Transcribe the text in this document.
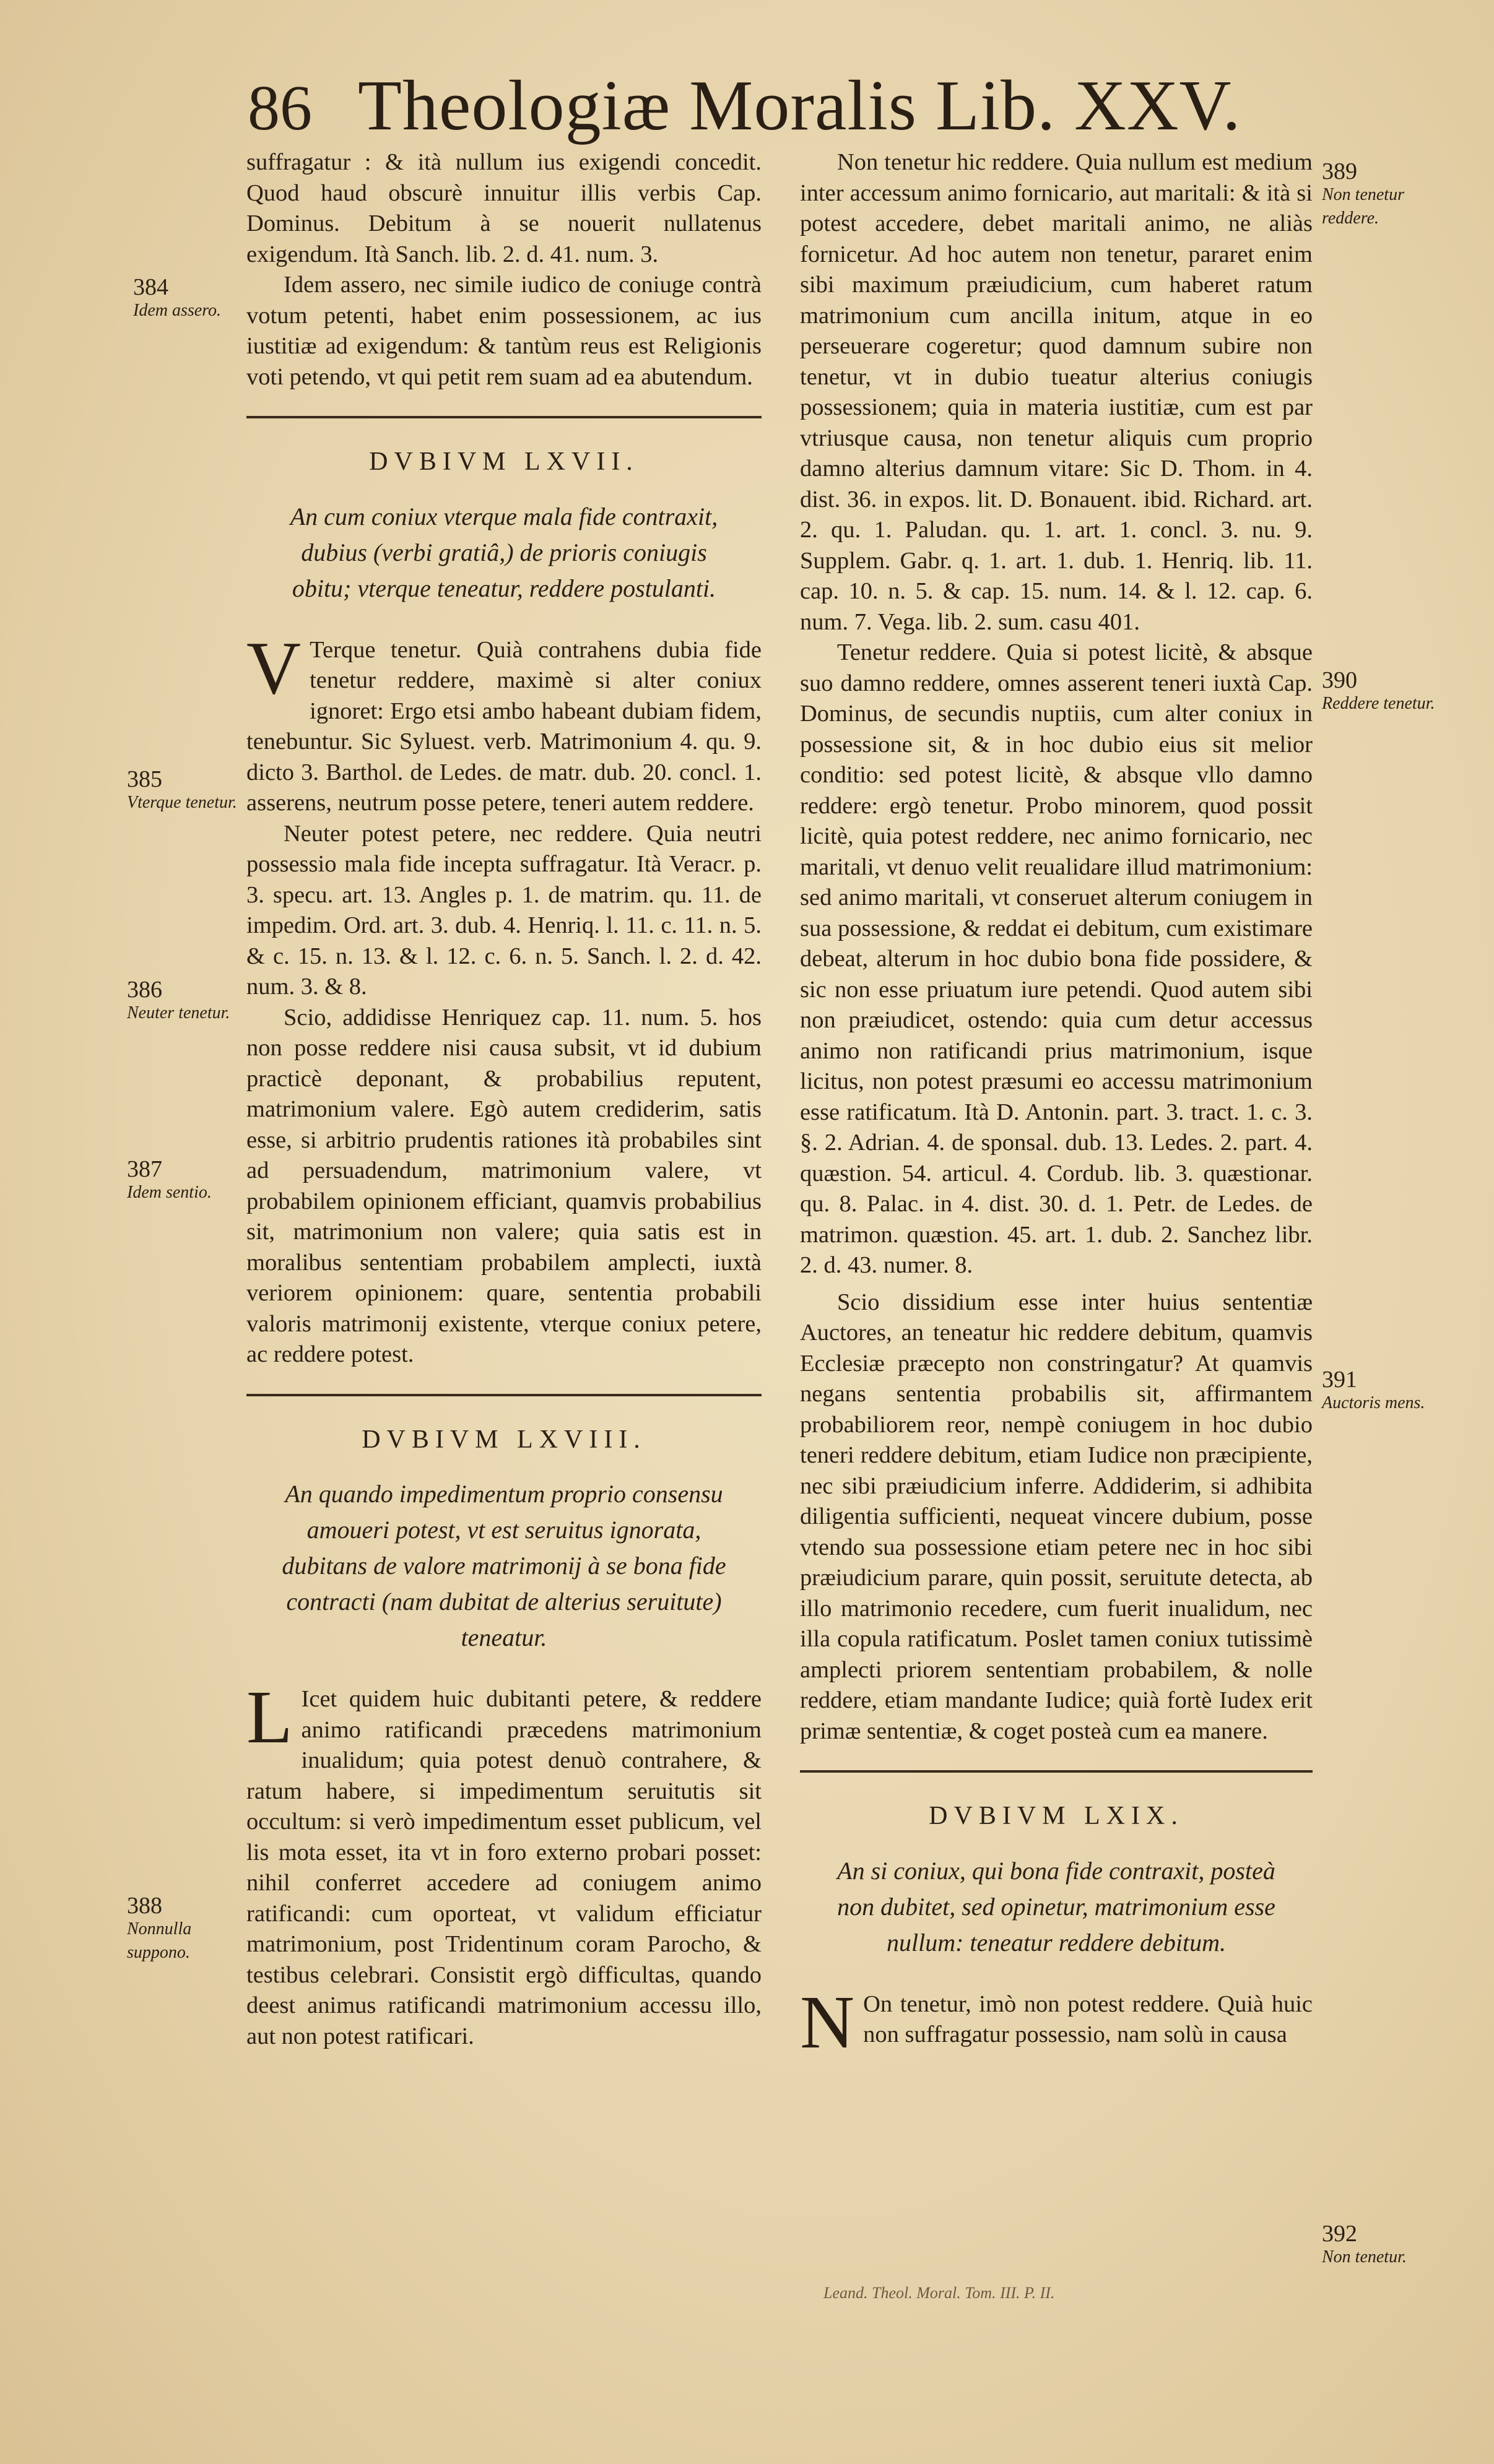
86 Theologiæ Moralis Lib. XXV.

suffragatur : & ità nullum ius exigendi concedit. Quod haud obscurè innuitur illis verbis Cap. Dominus. Debitum à se nouerit nullatenus exigendum. Ità Sanch. lib. 2. d. 41. num. 3.

Idem assero, nec simile iudico de coniuge contrà votum petenti, habet enim possessionem, ac ius iustitiæ ad exigendum: & tantùm reus est Religionis voti petendo, vt qui petit rem suam ad ea abutendum.

DVBIVM LXVII.
An cum coniux vterque mala fide contraxit, dubius (verbi gratiâ,) de prioris coniugis obitu; vterque teneatur, reddere postulanti.

V Terque tenetur. Quià contrahens dubia fide tenetur reddere, maximè si alter coniux ignoret: Ergo etsi ambo habeant dubiam fidem, tenebuntur. Sic Syluest. verb. Matrimonium 4. qu. 9. dicto 3. Barthol. de Ledes. de matr. dub. 20. concl. 1. asserens, neutrum posse petere, teneri autem reddere.

Neuter potest petere, nec reddere. Quia neutri possessio mala fide incepta suffragatur. Ità Veracr. p. 3. specu. art. 13. Angles p. 1. de matrim. qu. 11. de impedim. Ord. art. 3. dub. 4. Henriq. l. 11. c. 11. n. 5. & c. 15. n. 13. & l. 12. c. 6. n. 5. Sanch. l. 2. d. 42. num. 3. & 8.

Scio, addidisse Henriquez cap. 11. num. 5. hos non posse reddere nisi causa subsit, vt id dubium practicè deponant, & probabilius reputent, matrimonium valere. Egò autem crediderim, satis esse, si arbitrio prudentis rationes ità probabiles sint ad persuadendum, matrimonium valere, vt probabilem opinionem efficiant, quamvis probabilius sit, matrimonium non valere; quia satis est in moralibus sententiam probabilem amplecti, iuxtà veriorem opinionem: quare, sententia probabili valoris matrimonij existente, vterque coniux petere, ac reddere potest.

DVBIVM LXVIII.
An quando impedimentum proprio consensu amoueri potest, vt est seruitus ignorata, dubitans de valore matrimonij à se bona fide contracti (nam dubitat de alterius seruitute) teneatur.

L Icet quidem huic dubitanti petere, & reddere animo ratificandi præcedens matrimonium inualidum; quia potest denuò contrahere, & ratum habere, si impedimentum seruitutis sit occultum: si verò impedimentum esset publicum, vel lis mota esset, ita vt in foro externo probari posset: nihil conferret accedere ad coniugem animo ratificandi: cum oporteat, vt validum efficiatur matrimonium, post Tridentinum coram Parocho, & testibus celebrari. Consistit ergò difficultas, quando deest animus ratificandi matrimonium accessu illo, aut non potest ratificari.

Non tenetur hic reddere. Quia nullum est medium inter accessum animo fornicario, aut maritali: & ità si potest accedere, debet maritali animo, ne aliàs fornicetur. Ad hoc autem non tenetur, pararet enim sibi maximum præiudicium, cum haberet ratum matrimonium cum ancilla initum, atque in eo perseuerare cogeretur; quod damnum subire non tenetur, vt in dubio tueatur alterius coniugis possessionem; quia in materia iustitiæ, cum est par vtriusque causa, non tenetur aliquis cum proprio damno alterius damnum vitare: Sic D. Thom. in 4. dist. 36. in expos. lit. D. Bonauent. ibid. Richard. art. 2. qu. 1. Paludan. qu. 1. art. 1. concl. 3. nu. 9. Supplem. Gabr. q. 1. art. 1. dub. 1. Henriq. lib. 11. cap. 10. n. 5. & cap. 15. num. 14. & l. 12. cap. 6. num. 7. Vega. lib. 2. sum. casu 401.

Tenetur reddere. Quia si potest licitè, & absque suo damno reddere, omnes asserent teneri iuxtà Cap. Dominus, de secundis nuptiis, cum alter coniux in possessione sit, & in hoc dubio eius sit melior conditio: sed potest licitè, & absque vllo damno reddere: ergò tenetur. Probo minorem, quod possit licitè, quia potest reddere, nec animo fornicario, nec maritali, vt denuo velit reualidare illud matrimonium: sed animo maritali, vt conseruet alterum coniugem in sua possessione, & reddat ei debitum, cum existimare debeat, alterum in hoc dubio bona fide possidere, & sic non esse priuatum iure petendi. Quod autem sibi non præiudicet, ostendo: quia cum detur accessus animo non ratificandi prius matrimonium, isque licitus, non potest præsumi eo accessu matrimonium esse ratificatum. Ità D. Antonin. part. 3. tract. 1. c. 3. §. 2. Adrian. 4. de sponsal. dub. 13. Ledes. 2. part. 4. quæstion. 54. articul. 4. Cordub. lib. 3. quæstionar. qu. 8. Palac. in 4. dist. 30. d. 1. Petr. de Ledes. de matrimon. quæstion. 45. art. 1. dub. 2. Sanchez libr. 2. d. 43. numer. 8.

Scio dissidium esse inter huius sententiæ Auctores, an teneatur hic reddere debitum, quamvis Ecclesiæ præcepto non constringatur? At quamvis negans sententia probabilis sit, affirmantem probabiliorem reor, nempè coniugem in hoc dubio teneri reddere debitum, etiam Iudice non præcipiente, nec sibi præiudicium inferre. Addiderim, si adhibita diligentia sufficienti, nequeat vincere dubium, posse vtendo sua possessione etiam petere nec in hoc sibi præiudicium parare, quin possit, seruitute detecta, ab illo matrimonio recedere, cum fuerit inualidum, nec illa copula ratificatum. Poslet tamen coniux tutissimè amplecti priorem sententiam probabilem, & nolle reddere, etiam mandante Iudice; quià fortè Iudex erit primæ sententiæ, & coget posteà cum ea manere.

DVBIVM LXIX.
An si coniux, qui bona fide contraxit, posteà non dubitet, sed opinetur, matrimonium esse nullum: teneatur reddere debitum.

N On tenetur, imò non potest reddere. Quià huic non suffragatur possessio, nam solù in causa

384
Idem assero.
385
Vterque tenetur.
386
Neuter tenetur.
387
Idem sentio.
388
Nonnulla suppono.
389
Non tenetur reddere.
390
Reddere tenetur.
391
Auctoris mens.
392
Non tenetur.
Leand. Theol. Moral. Tom. III. P. II.
